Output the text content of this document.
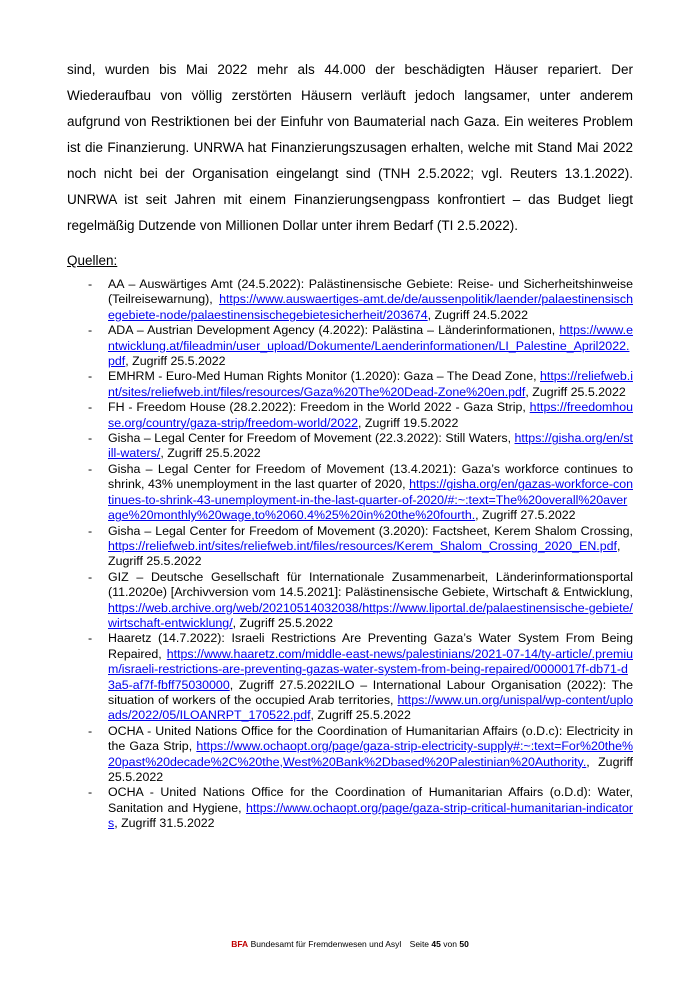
sind, wurden bis Mai 2022 mehr als 44.000 der beschädigten Häuser repariert. Der Wiederaufbau von völlig zerstörten Häusern verläuft jedoch langsamer, unter anderem aufgrund von Restriktionen bei der Einfuhr von Baumaterial nach Gaza. Ein weiteres Problem ist die Finanzierung. UNRWA hat Finanzierungszusagen erhalten, welche mit Stand Mai 2022 noch nicht bei der Organisation eingelangt sind (TNH 2.5.2022; vgl. Reuters 13.1.2022). UNRWA ist seit Jahren mit einem Finanzierungsengpass konfrontiert – das Budget liegt regelmäßig Dutzende von Millionen Dollar unter ihrem Bedarf (TI 2.5.2022).

Quellen:

- AA – Auswärtiges Amt (24.5.2022): Palästinensische Gebiete: Reise- und Sicherheitshinweise (Teilreisewarnung), https://www.auswaertiges-amt.de/de/aussenpolitik/laender/palaestinensischegebiete-node/palaestinensischegebietesicherheit/203674, Zugriff 24.5.2022
- ADA – Austrian Development Agency (4.2022): Palästina – Länderinformationen, https://www.entwicklung.at/fileadmin/user_upload/Dokumente/Laenderinformationen/LI_Palestine_April2022.pdf, Zugriff 25.5.2022
- EMHRM - Euro-Med Human Rights Monitor (1.2020): Gaza – The Dead Zone, https://reliefweb.int/sites/reliefweb.int/files/resources/Gaza%20The%20Dead-Zone%20en.pdf, Zugriff 25.5.2022
- FH - Freedom House (28.2.2022): Freedom in the World 2022 - Gaza Strip, https://freedomhouse.org/country/gaza-strip/freedom-world/2022, Zugriff 19.5.2022
- Gisha – Legal Center for Freedom of Movement (22.3.2022): Still Waters, https://gisha.org/en/still-waters/, Zugriff 25.5.2022
- Gisha – Legal Center for Freedom of Movement (13.4.2021): Gaza’s workforce continues to shrink, 43% unemployment in the last quarter of 2020, https://gisha.org/en/gazas-workforce-continues-to-shrink-43-unemployment-in-the-last-quarter-of-2020/#:~:text=The%20overall%20average%20monthly%20wage,to%2060.4%25%20in%20the%20fourth., Zugriff 27.5.2022
- Gisha – Legal Center for Freedom of Movement (3.2020): Factsheet, Kerem Shalom Crossing, https://reliefweb.int/sites/reliefweb.int/files/resources/Kerem_Shalom_Crossing_2020_EN.pdf, Zugriff 25.5.2022
- GIZ – Deutsche Gesellschaft für Internationale Zusammenarbeit, Länderinformationsportal (11.2020e) [Archivversion vom 14.5.2021]: Palästinensische Gebiete, Wirtschaft & Entwicklung, https://web.archive.org/web/20210514032038/https://www.liportal.de/palaestinensische-gebiete/wirtschaft-entwicklung/, Zugriff 25.5.2022
- Haaretz (14.7.2022): Israeli Restrictions Are Preventing Gaza’s Water System From Being Repaired, https://www.haaretz.com/middle-east-news/palestinians/2021-07-14/ty-article/.premium/israeli-restrictions-are-preventing-gazas-water-system-from-being-repaired/0000017f-db71-d3a5-af7f-fbff75030000, Zugriff 27.5.2022ILO – International Labour Organisation (2022): The situation of workers of the occupied Arab territories, https://www.un.org/unispal/wp-content/uploads/2022/05/ILOANRPT_170522.pdf, Zugriff 25.5.2022
- OCHA - United Nations Office for the Coordination of Humanitarian Affairs (o.D.c): Electricity in the Gaza Strip, https://www.ochaopt.org/page/gaza-strip-electricity-supply#:~:text=For%20the%20past%20decade%2C%20the,West%20Bank%2Dbased%20Palestinian%20Authority., Zugriff 25.5.2022
- OCHA - United Nations Office for the Coordination of Humanitarian Affairs (o.D.d): Water, Sanitation and Hygiene, https://www.ochaopt.org/page/gaza-strip-critical-humanitarian-indicators, Zugriff 31.5.2022
BFA Bundesamt für Fremdenwesen und Asyl Seite 45 von 50
